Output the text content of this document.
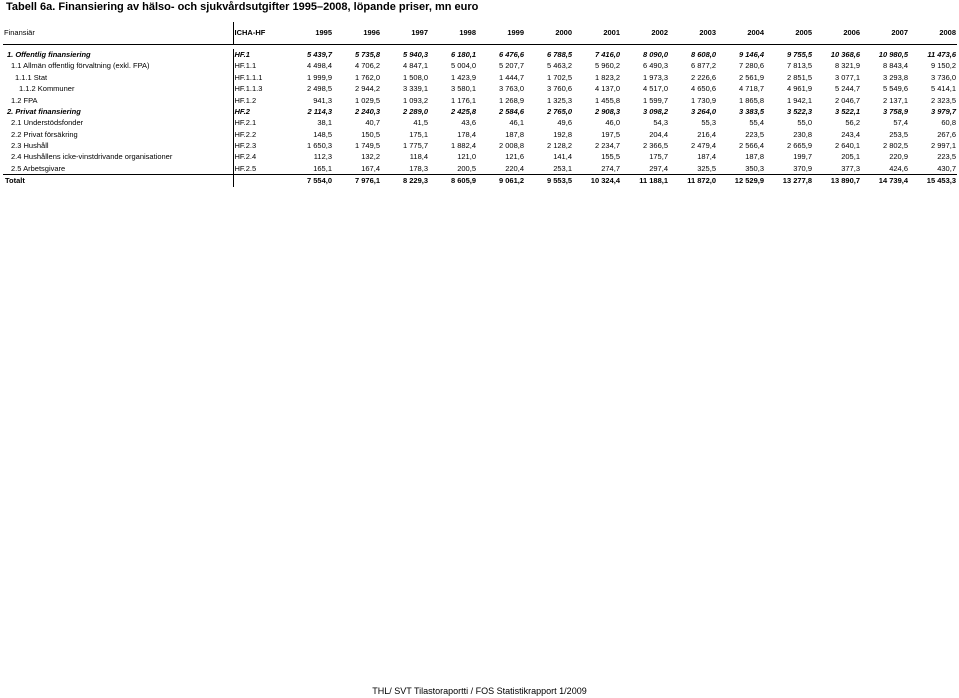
Tabell 6a. Finansiering av hälso- och sjukvårdsutgifter 1995–2008, löpande priser, mn euro
Finansiär	ICHA-HF	1995	1996	1997	1998	1999	2000	2001	2002	2003	2004	2005	2006	2007	2008

1. Offentlig finansiering	HF.1	5 439,7	5 735,8	5 940,3	6 180,1	6 476,6	6 788,5	7 416,0	8 090,0	8 608,0	9 146,4	9 755,5	10 368,6	10 980,5	11 473,6
1.1 Allmän offentlig förvaltning (exkl. FPA)	HF.1.1	4 498,4	4 706,2	4 847,1	5 004,0	5 207,7	5 463,2	5 960,2	6 490,3	6 877,2	7 280,6	7 813,5	8 321,9	8 843,4	9 150,2
1.1.1 Stat	HF.1.1.1	1 999,9	1 762,0	1 508,0	1 423,9	1 444,7	1 702,5	1 823,2	1 973,3	2 226,6	2 561,9	2 851,5	3 077,1	3 293,8	3 736,0
1.1.2 Kommuner	HF.1.1.3	2 498,5	2 944,2	3 339,1	3 580,1	3 763,0	3 760,6	4 137,0	4 517,0	4 650,6	4 718,7	4 961,9	5 244,7	5 549,6	5 414,1
1.2 FPA	HF.1.2	941,3	1 029,5	1 093,2	1 176,1	1 268,9	1 325,3	1 455,8	1 599,7	1 730,9	1 865,8	1 942,1	2 046,7	2 137,1	2 323,5
2. Privat finansiering	HF.2	2 114,3	2 240,3	2 289,0	2 425,8	2 584,6	2 765,0	2 908,3	3 098,2	3 264,0	3 383,5	3 522,3	3 522,1	3 758,9	3 979,7
2.1 Understödsfonder	HF.2.1	38,1	40,7	41,5	43,6	46,1	49,6	46,0	54,3	55,3	55,4	55,0	56,2	57,4	60,8
2.2 Privat försäkring	HF.2.2	148,5	150,5	175,1	178,4	187,8	192,8	197,5	204,4	216,4	223,5	230,8	243,4	253,5	267,6
2.3 Hushåll	HF.2.3	1 650,3	1 749,5	1 775,7	1 882,4	2 008,8	2 128,2	2 234,7	2 366,5	2 479,4	2 566,4	2 665,9	2 640,1	2 802,5	2 997,1
2.4 Hushållens icke-vinstdrivande organisationer	HF.2.4	112,3	132,2	118,4	121,0	121,6	141,4	155,5	175,7	187,4	187,8	199,7	205,1	220,9	223,5
2.5 Arbetsgivare	HF.2.5	165,1	167,4	178,3	200,5	220,4	253,1	274,7	297,4	325,5	350,3	370,9	377,3	424,6	430,7
Totalt		7 554,0	7 976,1	8 229,3	8 605,9	9 061,2	9 553,5	10 324,4	11 188,1	11 872,0	12 529,9	13 277,8	13 890,7	14 739,4	15 453,3
THL/ SVT Tilastoraportti / FOS Statistikrapport 1/2009
